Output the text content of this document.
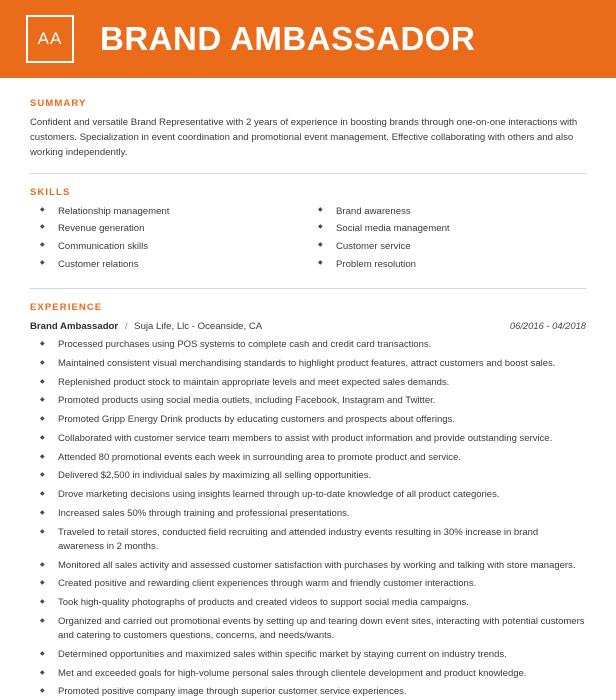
AA	BRAND AMBASSADOR
SUMMARY

Confident and versatile Brand Representative with 2 years of experience in boosting brands through one-on-one interactions with customers. Specialization in event coordination and promotional event management. Effective collaborating with others and also working independently.

SKILLS
◆ Relationship management
◆ Revenue generation
◆ Communication skills
◆ Customer relations
◆ Brand awareness
◆ Social media management
◆ Customer service
◆ Problem resolution
EXPERIENCE
Brand Ambassador / Suja Life, Llc - Oceanside, CA	06/2016 - 04/2018
◆ Processed purchases using POS systems to complete cash and credit card transactions.
◆ Maintained consistent visual merchandising standards to highlight product features, attract customers and boost sales.
◆ Replenished product stock to maintain appropriate levels and meet expected sales demands.
◆ Promoted products using social media outlets, including Facebook, Instagram and Twitter.
◆ Promoted Gripp Energy Drink products by educating customers and prospects about offerings.
◆ Collaborated with customer service team members to assist with product information and provide outstanding service.
◆ Attended 80 promotional events each week in surrounding area to promote product and service.
◆ Delivered $2,500 in individual sales by maximizing all selling opportunities.
◆ Drove marketing decisions using insights learned through up-to-date knowledge of all product categories.
◆ Increased sales 50% through training and professional presentations.
◆ Traveled to retail stores, conducted field recruiting and attended industry events resulting in 30% increase in brand awareness in 2 months.
◆ Monitored all sales activity and assessed customer satisfaction with purchases by working and talking with store managers.
◆ Created positive and rewarding client experiences through warm and friendly customer interactions.
◆ Took high-quality photographs of products and created videos to support social media campaigns.
◆ Organized and carried out promotional events by setting up and tearing down event sites, interacting with potential customers and catering to customers questions, concerns, and needs/wants.
◆ Determined opportunities and maximized sales within specific market by staying current on industry trends.
◆ Met and exceeded goals for high-volume personal sales through clientele development and product knowledge.
◆ Promoted positive company image through superior customer service experiences.
